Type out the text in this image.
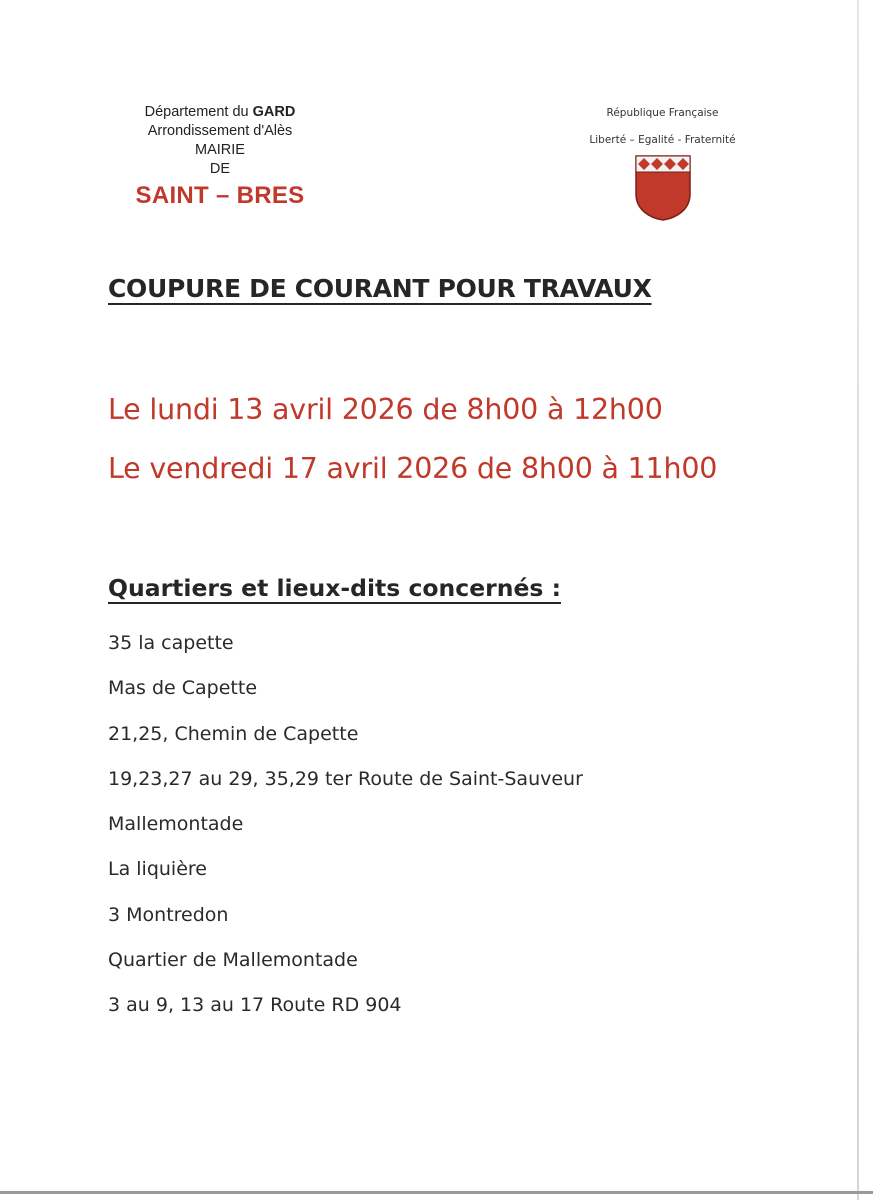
Département du GARD
Arrondissement d'Alès
MAIRIE
DE
SAINT – BRES
République Française
Liberté – Egalité - Fraternité
COUPURE DE COURANT POUR TRAVAUX
Le lundi 13 avril 2026 de 8h00 à 12h00
Le vendredi 17 avril 2026 de 8h00 à 11h00
Quartiers et lieux-dits concernés :
35 la capette
Mas de Capette
21,25, Chemin de Capette
19,23,27 au 29, 35,29 ter Route de Saint-Sauveur
Mallemontade
La liquière
3 Montredon
Quartier de Mallemontade
3 au 9, 13 au 17 Route RD 904
